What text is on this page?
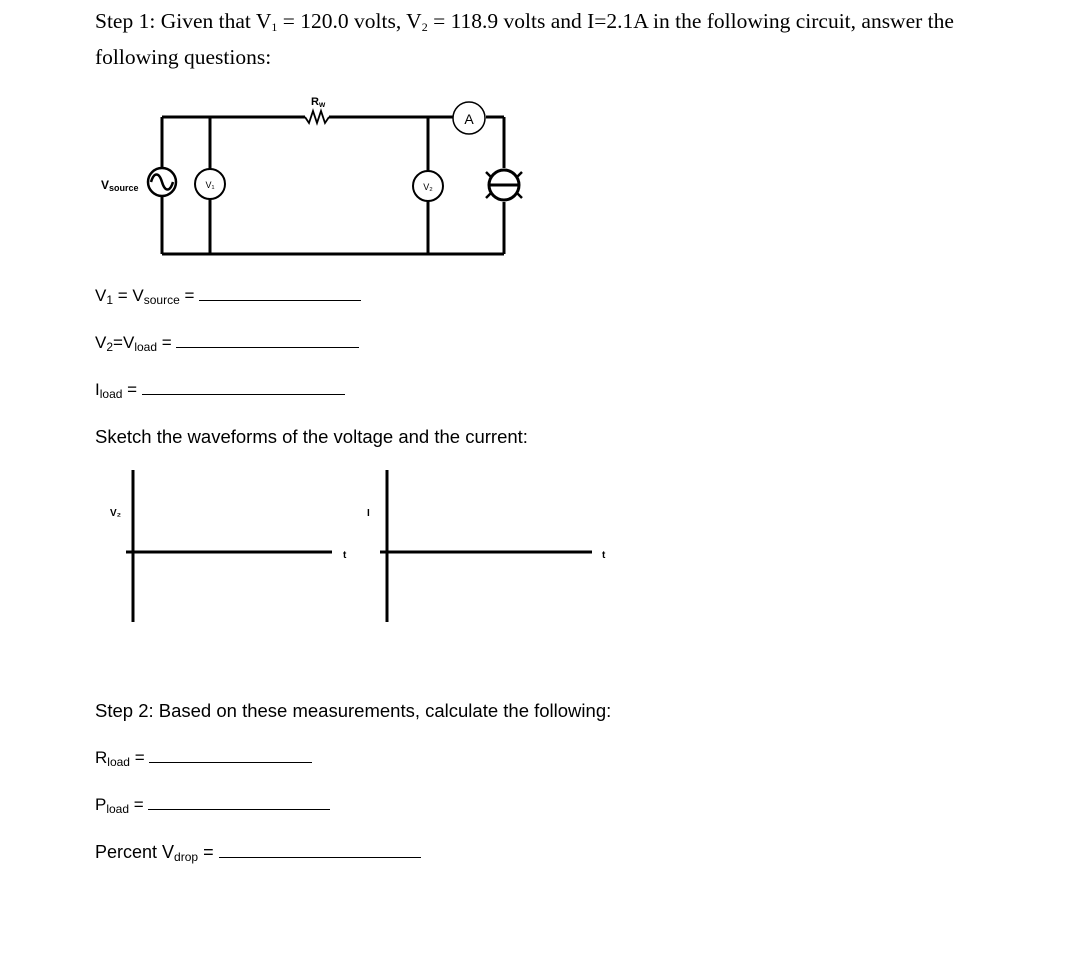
Step 1: Given that $V_1 = 120.0$ volts, $V_2 = 118.9$ volts and I=2.1A in the following circuit, answer the following questions:
V₁	V₂
A
Rw
Vsource
$V_1 = V_{source}$ =
$V_2=V_{load}$ =
$I_{load}$ =
Sketch the waveforms of the voltage and the current:
V₂	I
t	t
Step 2: Based on these measurements, calculate the following:
$R_{load}$ =
$P_{load}$ =
Percent $V_{drop}$ =
